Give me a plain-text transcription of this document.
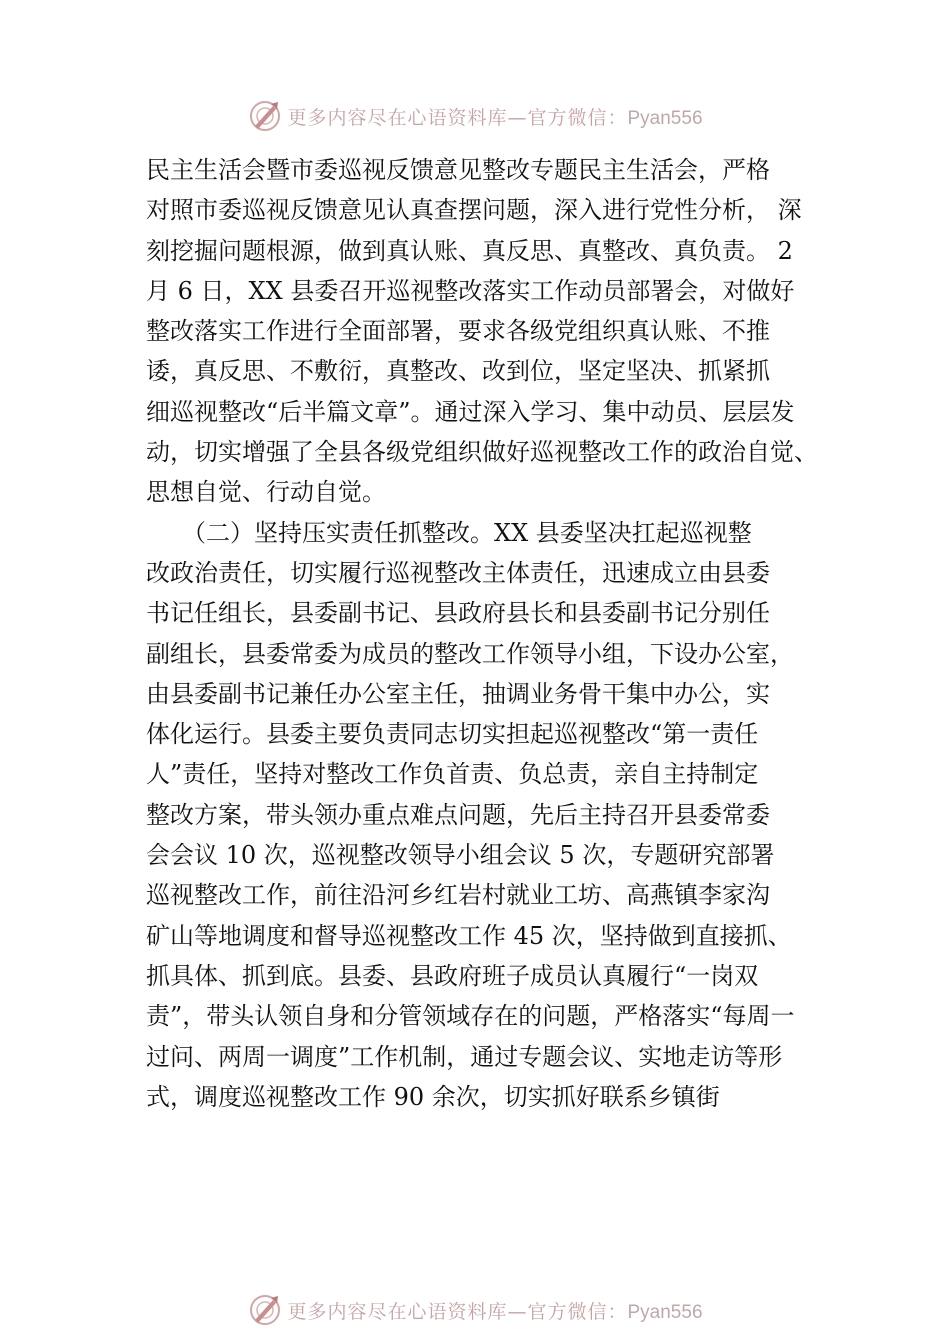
更多内容尽在心语资料库—官方微信：Pyan556
民主生活会暨市委巡视反馈意见整改专题民主生活会，严格
对照市委巡视反馈意见认真查摆问题，深入进行党性分析， 深
刻挖掘问题根源，做到真认账、真反思、真整改、真负责。 2
月 6 日，XX 县委召开巡视整改落实工作动员部署会，对做好
整改落实工作进行全面部署，要求各级党组织真认账、不推
诿，真反思、不敷衍，真整改、改到位，坚定坚决、抓紧抓
细巡视整改“后半篇文章”。通过深入学习、集中动员、层层发
动，切实增强了全县各级党组织做好巡视整改工作的政治自觉、
思想自觉、行动自觉。
　　（二）坚持压实责任抓整改。XX 县委坚决扛起巡视整
改政治责任，切实履行巡视整改主体责任，迅速成立由县委
书记任组长，县委副书记、县政府县长和县委副书记分别任
副组长，县委常委为成员的整改工作领导小组，下设办公室，
由县委副书记兼任办公室主任，抽调业务骨干集中办公，实
体化运行。县委主要负责同志切实担起巡视整改“第一责任
人”责任，坚持对整改工作负首责、负总责，亲自主持制定
整改方案，带头领办重点难点问题，先后主持召开县委常委
会会议 10 次，巡视整改领导小组会议 5 次，专题研究部署
巡视整改工作，前往沿河乡红岩村就业工坊、高燕镇李家沟
矿山等地调度和督导巡视整改工作 45 次，坚持做到直接抓、
抓具体、抓到底。县委、县政府班子成员认真履行“一岗双
责”，带头认领自身和分管领域存在的问题，严格落实“每周一
过问、两周一调度”工作机制，通过专题会议、实地走访等形
式，调度巡视整改工作 90 余次，切实抓好联系乡镇街
更多内容尽在心语资料库—官方微信：Pyan556
